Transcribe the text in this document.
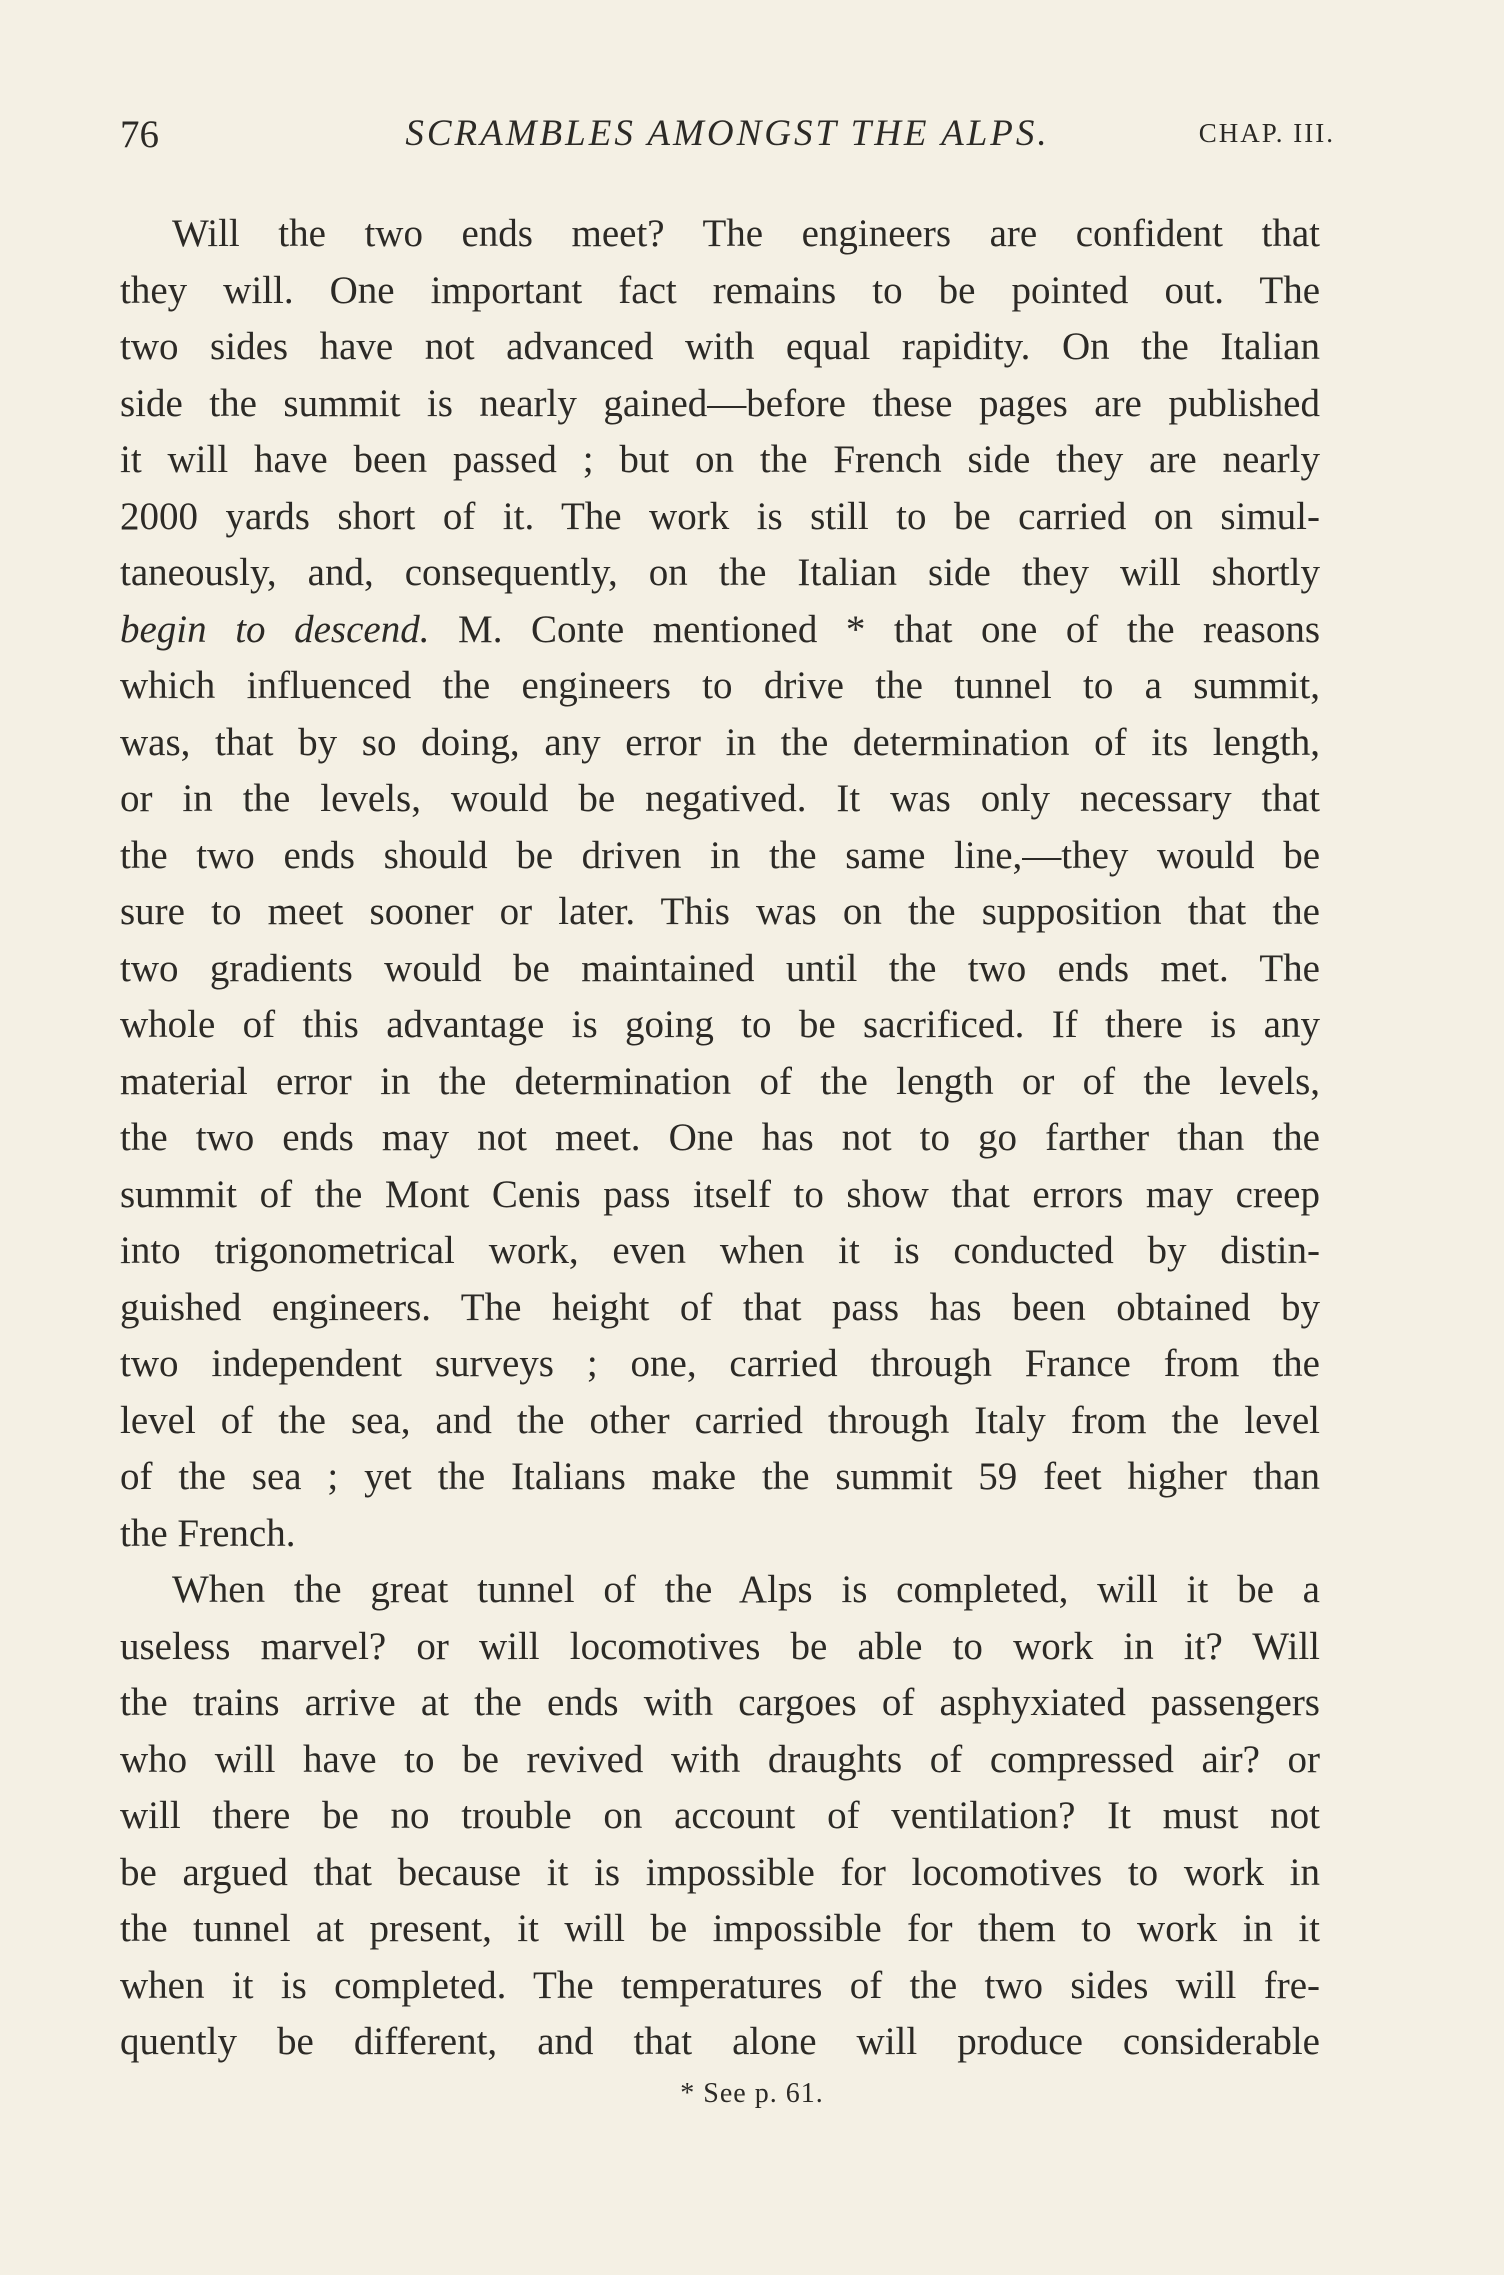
76	SCRAMBLES AMONGST THE ALPS.	CHAP. III.
Will the two ends meet? The engineers are confident that
they will. One important fact remains to be pointed out. The
two sides have not advanced with equal rapidity. On the Italian
side the summit is nearly gained—before these pages are published
it will have been passed ; but on the French side they are nearly
2000 yards short of it. The work is still to be carried on simul-
taneously, and, consequently, on the Italian side they will shortly
begin to descend. M. Conte mentioned * that one of the reasons
which influenced the engineers to drive the tunnel to a summit,
was, that by so doing, any error in the determination of its length,
or in the levels, would be negatived. It was only necessary that
the two ends should be driven in the same line,—they would be
sure to meet sooner or later. This was on the supposition that the
two gradients would be maintained until the two ends met. The
whole of this advantage is going to be sacrificed. If there is any
material error in the determination of the length or of the levels,
the two ends may not meet. One has not to go farther than the
summit of the Mont Cenis pass itself to show that errors may creep
into trigonometrical work, even when it is conducted by distin-
guished engineers. The height of that pass has been obtained by
two independent surveys ; one, carried through France from the
level of the sea, and the other carried through Italy from the level
of the sea ; yet the Italians make the summit 59 feet higher than
the French.
When the great tunnel of the Alps is completed, will it be a
useless marvel? or will locomotives be able to work in it? Will
the trains arrive at the ends with cargoes of asphyxiated passengers
who will have to be revived with draughts of compressed air? or
will there be no trouble on account of ventilation? It must not
be argued that because it is impossible for locomotives to work in
the tunnel at present, it will be impossible for them to work in it
when it is completed. The temperatures of the two sides will fre-
quently be different, and that alone will produce considerable
* See p. 61.
